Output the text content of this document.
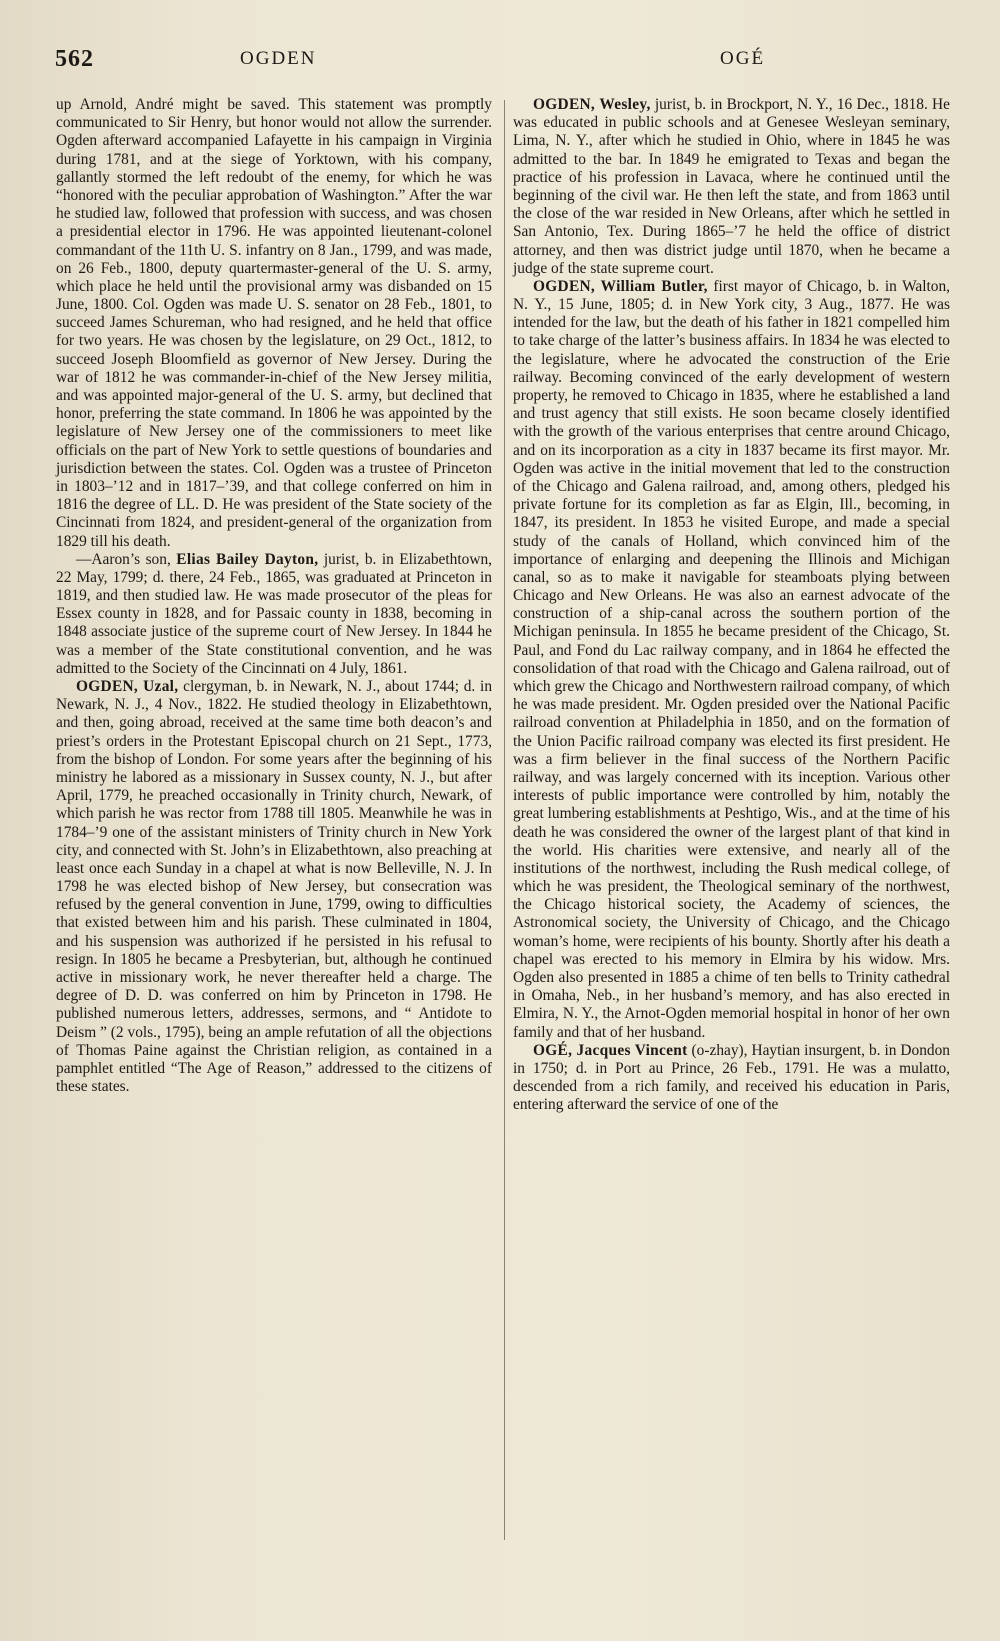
562	OGDEN	OGÉ

up Arnold, André might be saved. This statement was promptly communicated to Sir Henry, but honor would not allow the surrender. Ogden afterward accompanied Lafayette in his campaign in Virginia during 1781, and at the siege of Yorktown, with his company, gallantly stormed the left redoubt of the enemy, for which he was “honored with the peculiar approbation of Washington.” After the war he studied law, followed that profession with success, and was chosen a presidential elector in 1796. He was appointed lieutenant-colonel commandant of the 11th U. S. infantry on 8 Jan., 1799, and was made, on 26 Feb., 1800, deputy quartermaster-general of the U. S. army, which place he held until the provisional army was disbanded on 15 June, 1800. Col. Ogden was made U. S. senator on 28 Feb., 1801, to succeed James Schureman, who had resigned, and he held that office for two years. He was chosen by the legislature, on 29 Oct., 1812, to succeed Joseph Bloomfield as governor of New Jersey. During the war of 1812 he was commander-in-chief of the New Jersey militia, and was appointed major-general of the U. S. army, but declined that honor, preferring the state command. In 1806 he was appointed by the legislature of New Jersey one of the commissioners to meet like officials on the part of New York to settle questions of boundaries and jurisdiction between the states. Col. Ogden was a trustee of Princeton in 1803–’12 and in 1817–’39, and that college conferred on him in 1816 the degree of LL. D. He was president of the State society of the Cincinnati from 1824, and president-general of the organization from 1829 till his death.

—Aaron’s son, Elias Bailey Dayton, jurist, b. in Elizabethtown, 22 May, 1799; d. there, 24 Feb., 1865, was graduated at Princeton in 1819, and then studied law. He was made prosecutor of the pleas for Essex county in 1828, and for Passaic county in 1838, becoming in 1848 associate justice of the supreme court of New Jersey. In 1844 he was a member of the State constitutional convention, and he was admitted to the Society of the Cincinnati on 4 July, 1861.

OGDEN, Uzal, clergyman, b. in Newark, N. J., about 1744; d. in Newark, N. J., 4 Nov., 1822. He studied theology in Elizabethtown, and then, going abroad, received at the same time both deacon’s and priest’s orders in the Protestant Episcopal church on 21 Sept., 1773, from the bishop of London. For some years after the beginning of his ministry he labored as a missionary in Sussex county, N. J., but after April, 1779, he preached occasionally in Trinity church, Newark, of which parish he was rector from 1788 till 1805. Meanwhile he was in 1784–’9 one of the assistant ministers of Trinity church in New York city, and connected with St. John’s in Elizabethtown, also preaching at least once each Sunday in a chapel at what is now Belleville, N. J. In 1798 he was elected bishop of New Jersey, but consecration was refused by the general convention in June, 1799, owing to difficulties that existed between him and his parish. These culminated in 1804, and his suspension was authorized if he persisted in his refusal to resign. In 1805 he became a Presbyterian, but, although he continued active in missionary work, he never thereafter held a charge. The degree of D. D. was conferred on him by Princeton in 1798. He published numerous letters, addresses, sermons, and “ Antidote to Deism ” (2 vols., 1795), being an ample refutation of all the objections of Thomas Paine against the Christian religion, as contained in a pamphlet entitled “The Age of Reason,” addressed to the citizens of these states.

OGDEN, Wesley, jurist, b. in Brockport, N. Y., 16 Dec., 1818. He was educated in public schools and at Genesee Wesleyan seminary, Lima, N. Y., after which he studied in Ohio, where in 1845 he was admitted to the bar. In 1849 he emigrated to Texas and began the practice of his profession in Lavaca, where he continued until the beginning of the civil war. He then left the state, and from 1863 until the close of the war resided in New Orleans, after which he settled in San Antonio, Tex. During 1865–’7 he held the office of district attorney, and then was district judge until 1870, when he became a judge of the state supreme court.

OGDEN, William Butler, first mayor of Chicago, b. in Walton, N. Y., 15 June, 1805; d. in New York city, 3 Aug., 1877. He was intended for the law, but the death of his father in 1821 compelled him to take charge of the latter’s business affairs. In 1834 he was elected to the legislature, where he advocated the construction of the Erie railway. Becoming convinced of the early development of western property, he removed to Chicago in 1835, where he established a land and trust agency that still exists. He soon became closely identified with the growth of the various enterprises that centre around Chicago, and on its incorporation as a city in 1837 became its first mayor. Mr. Ogden was active in the initial movement that led to the construction of the Chicago and Galena railroad, and, among others, pledged his private fortune for its completion as far as Elgin, Ill., becoming, in 1847, its president. In 1853 he visited Europe, and made a special study of the canals of Holland, which convinced him of the importance of enlarging and deepening the Illinois and Michigan canal, so as to make it navigable for steamboats plying between Chicago and New Orleans. He was also an earnest advocate of the construction of a ship-canal across the southern portion of the Michigan peninsula. In 1855 he became president of the Chicago, St. Paul, and Fond du Lac railway company, and in 1864 he effected the consolidation of that road with the Chicago and Galena railroad, out of which grew the Chicago and Northwestern railroad company, of which he was made president. Mr. Ogden presided over the National Pacific railroad convention at Philadelphia in 1850, and on the formation of the Union Pacific railroad company was elected its first president. He was a firm believer in the final success of the Northern Pacific railway, and was largely concerned with its inception. Various other interests of public importance were controlled by him, notably the great lumbering establishments at Peshtigo, Wis., and at the time of his death he was considered the owner of the largest plant of that kind in the world. His charities were extensive, and nearly all of the institutions of the northwest, including the Rush medical college, of which he was president, the Theological seminary of the northwest, the Chicago historical society, the Academy of sciences, the Astronomical society, the University of Chicago, and the Chicago woman’s home, were recipients of his bounty. Shortly after his death a chapel was erected to his memory in Elmira by his widow. Mrs. Ogden also presented in 1885 a chime of ten bells to Trinity cathedral in Omaha, Neb., in her husband’s memory, and has also erected in Elmira, N. Y., the Arnot-Ogden memorial hospital in honor of her own family and that of her husband.

OGÉ, Jacques Vincent (o-zhay), Haytian insurgent, b. in Dondon in 1750; d. in Port au Prince, 26 Feb., 1791. He was a mulatto, descended from a rich family, and received his education in Paris, entering afterward the service of one of the
